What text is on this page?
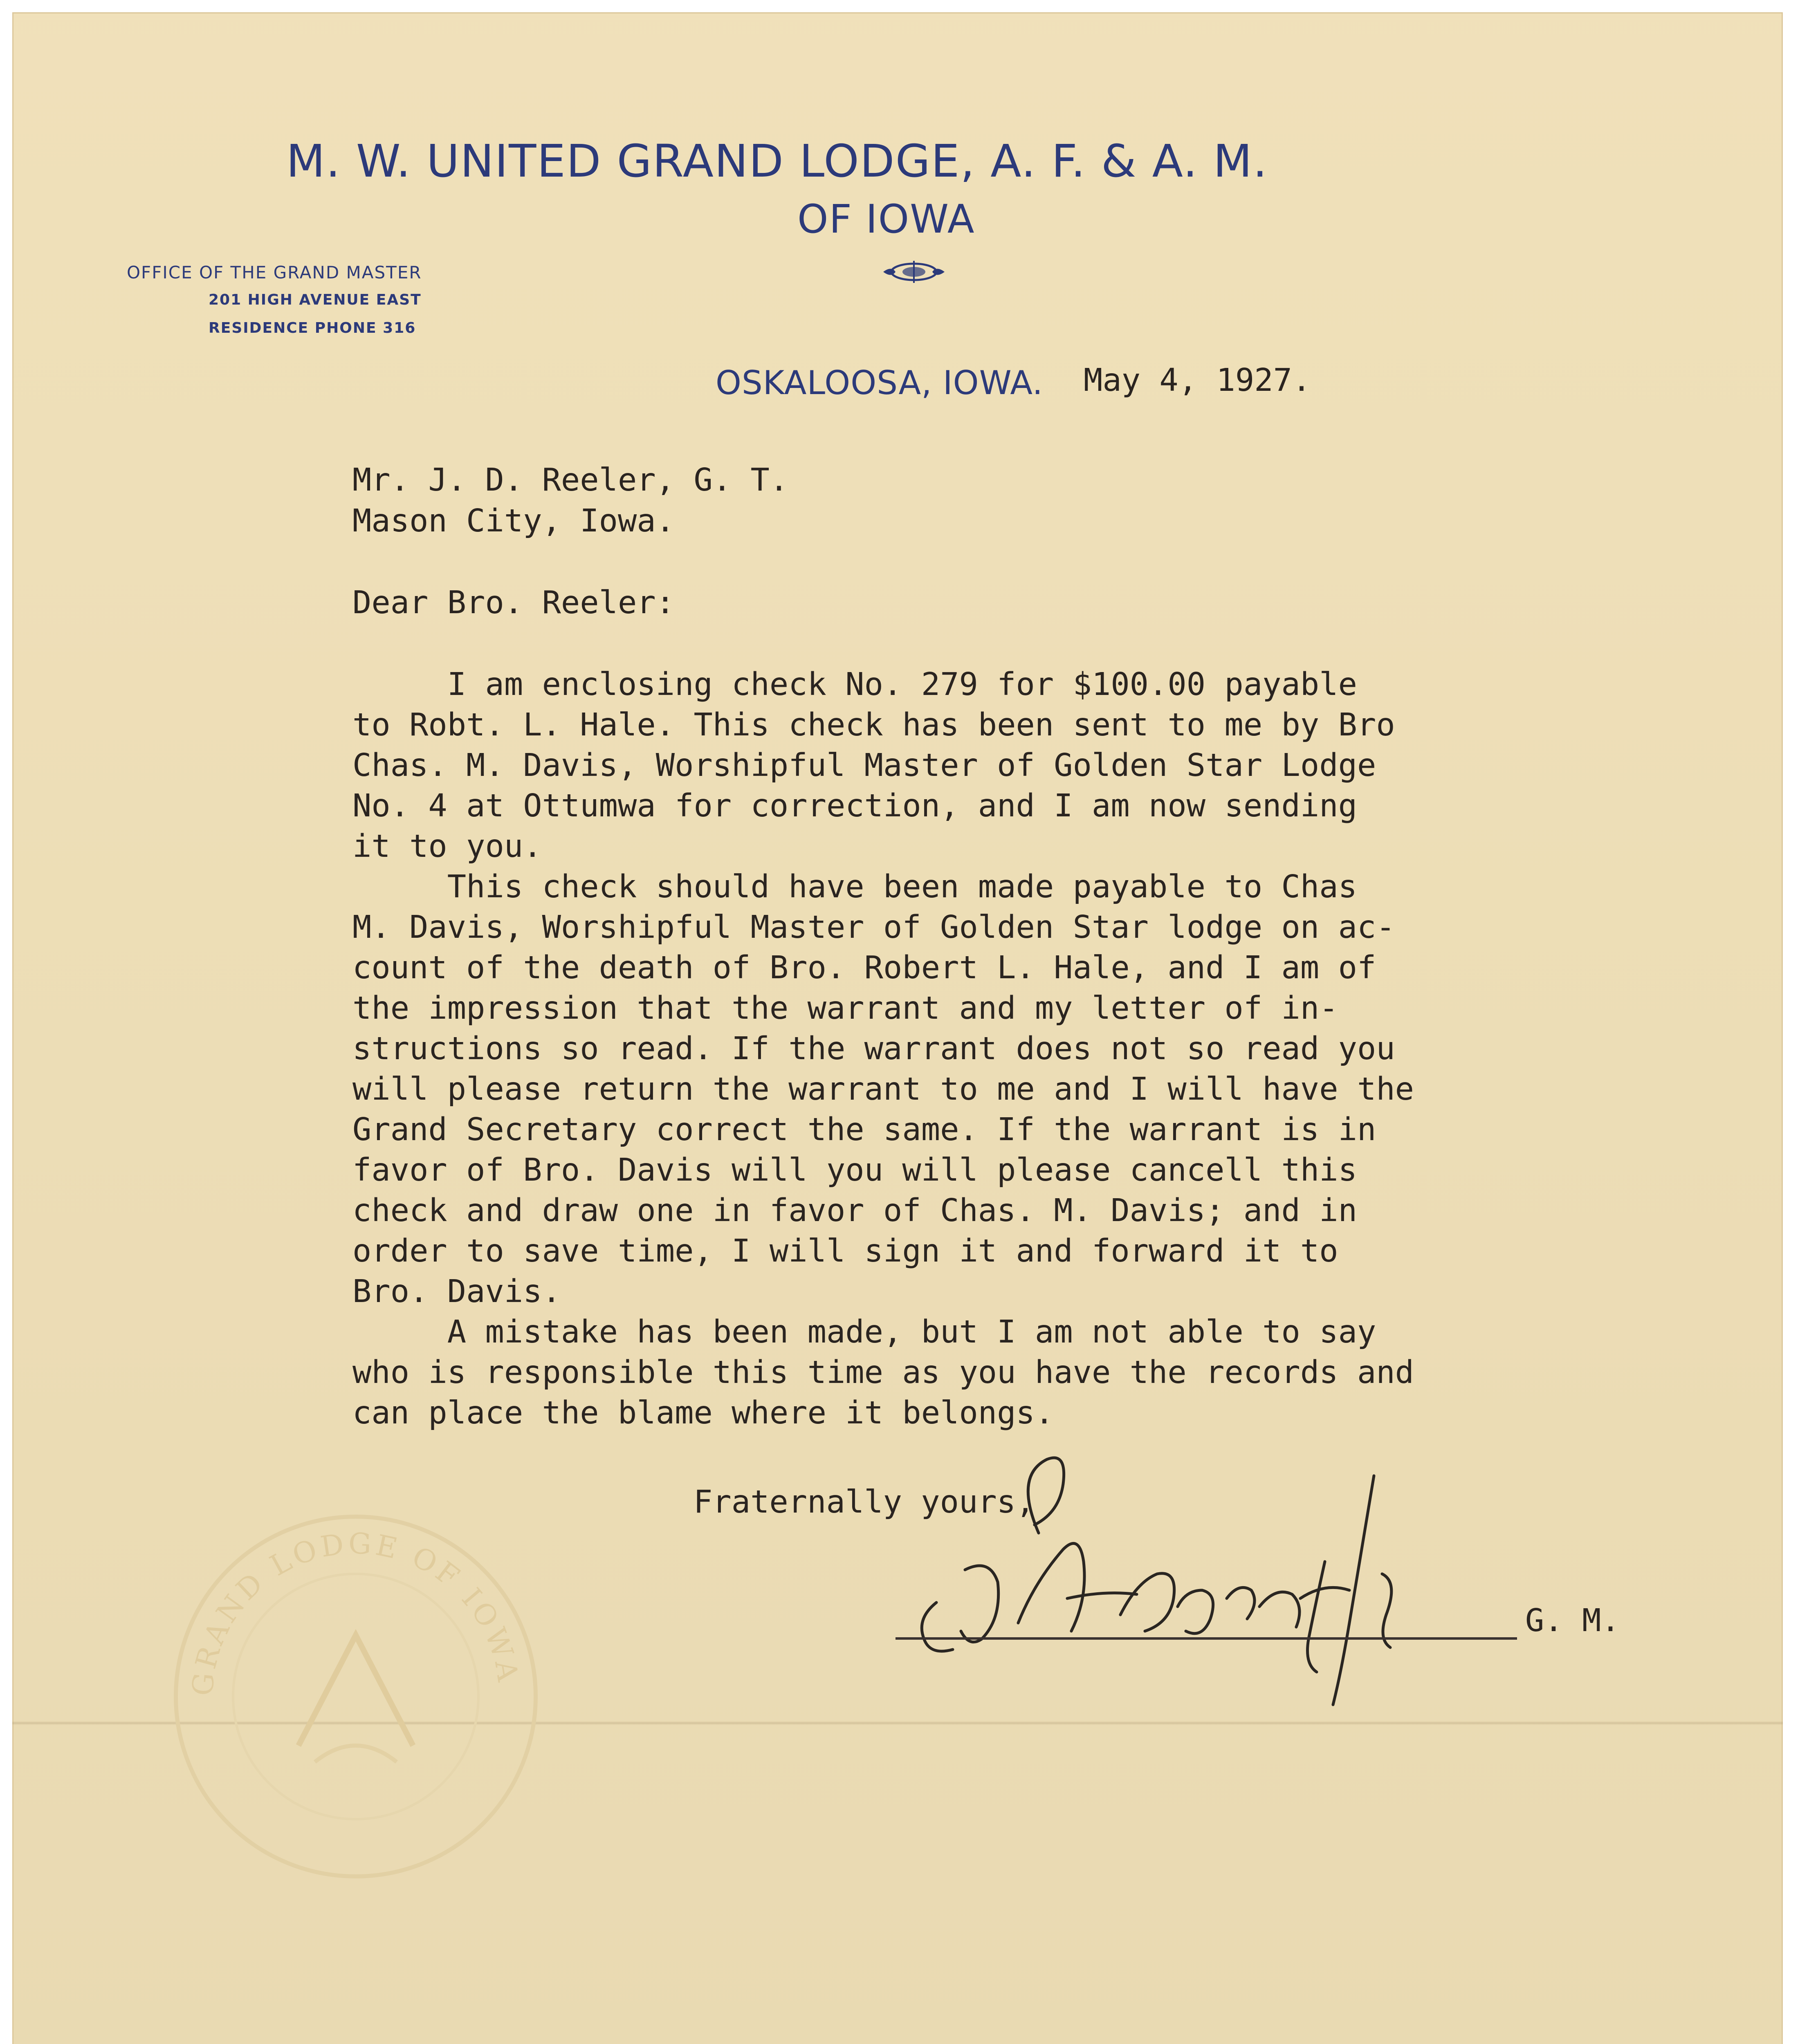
M. W. UNITED GRAND LODGE, A. F. & A. M.
OF IOWA
OFFICE OF THE GRAND MASTER
201 HIGH AVENUE EAST
RESIDENCE PHONE 316
OSKALOOSA, IOWA. May 4, 1927.
Mr. J. D. Reeler, G. T.
Mason City, Iowa.
Dear Bro. Reeler:
I am enclosing check No. 279 for $100.00 payable
to Robt. L. Hale. This check has been sent to me by Bro
Chas. M. Davis, Worshipful Master of Golden Star Lodge
No. 4 at Ottumwa for correction, and I am now sending
it to you.
This check should have been made payable to Chas
M. Davis, Worshipful Master of Golden Star lodge on ac-
count of the death of Bro. Robert L. Hale, and I am of
the impression that the warrant and my letter of in-
structions so read. If the warrant does not so read you
will please return the warrant to me and I will have the
Grand Secretary correct the same. If the warrant is in
favor of Bro. Davis will you will please cancell this
check and draw one in favor of Chas. M. Davis; and in
order to save time, I will sign it and forward it to
Bro. Davis.
A mistake has been made, but I am not able to say
who is responsible this time as you have the records and
can place the blame where it belongs.
Fraternally yours,
G. M.
GRAND LODGE OF IOWA
